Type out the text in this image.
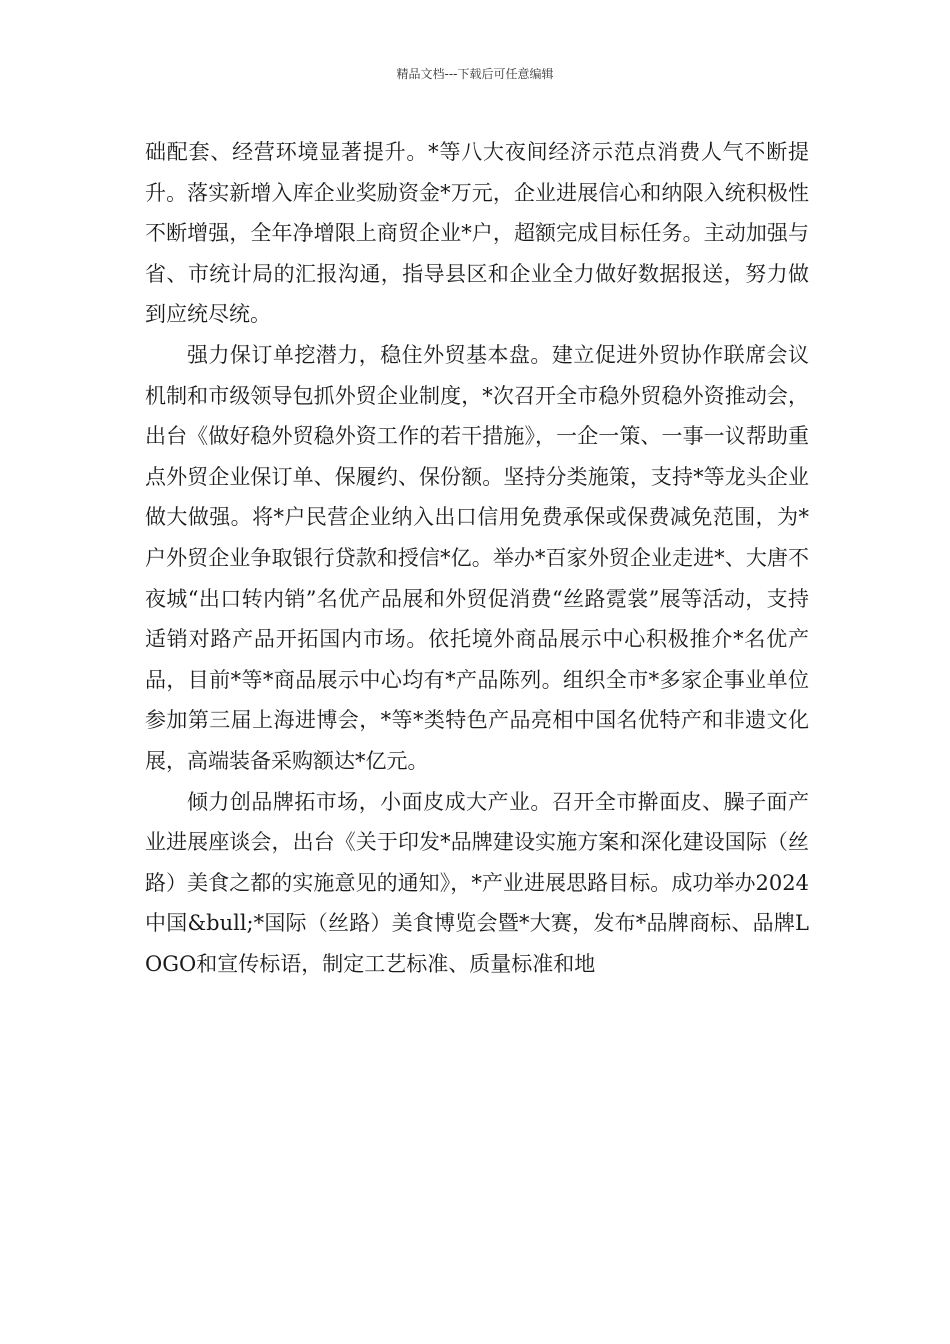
精品文档---下载后可任意编辑

础配套、经营环境显著提升。*等八大夜间经济示范点消费人气不断提升。落实新增入库企业奖励资金*万元，企业进展信心和纳限入统积极性不断增强，全年净增限上商贸企业*户，超额完成目标任务。主动加强与省、市统计局的汇报沟通，指导县区和企业全力做好数据报送，努力做到应统尽统。

强力保订单挖潜力，稳住外贸基本盘。建立促进外贸协作联席会议机制和市级领导包抓外贸企业制度，*次召开全市稳外贸稳外资推动会，出台《做好稳外贸稳外资工作的若干措施》，一企一策、一事一议帮助重点外贸企业保订单、保履约、保份额。坚持分类施策，支持*等龙头企业做大做强。将*户民营企业纳入出口信用免费承保或保费减免范围，为*户外贸企业争取银行贷款和授信*亿。举办*百家外贸企业走进*、大唐不夜城“出口转内销”名优产品展和外贸促消费“丝路霓裳”展等活动，支持适销对路产品开拓国内市场。依托境外商品展示中心积极推介*名优产品，目前*等*商品展示中心均有*产品陈列。组织全市*多家企事业单位参加第三届上海进博会，*等*类特色产品亮相中国名优特产和非遗文化展，高端装备采购额达*亿元。

倾力创品牌拓市场，小面皮成大产业。召开全市擀面皮、臊子面产业进展座谈会，出台《关于印发*品牌建设实施方案和深化建设国际（丝路）美食之都的实施意见的通知》，*产业进展思路目标。成功举办2024中国&bull;*国际（丝路）美食博览会暨*大赛，发布*品牌商标、品牌LOGO和宣传标语，制定工艺标准、质量标准和地
